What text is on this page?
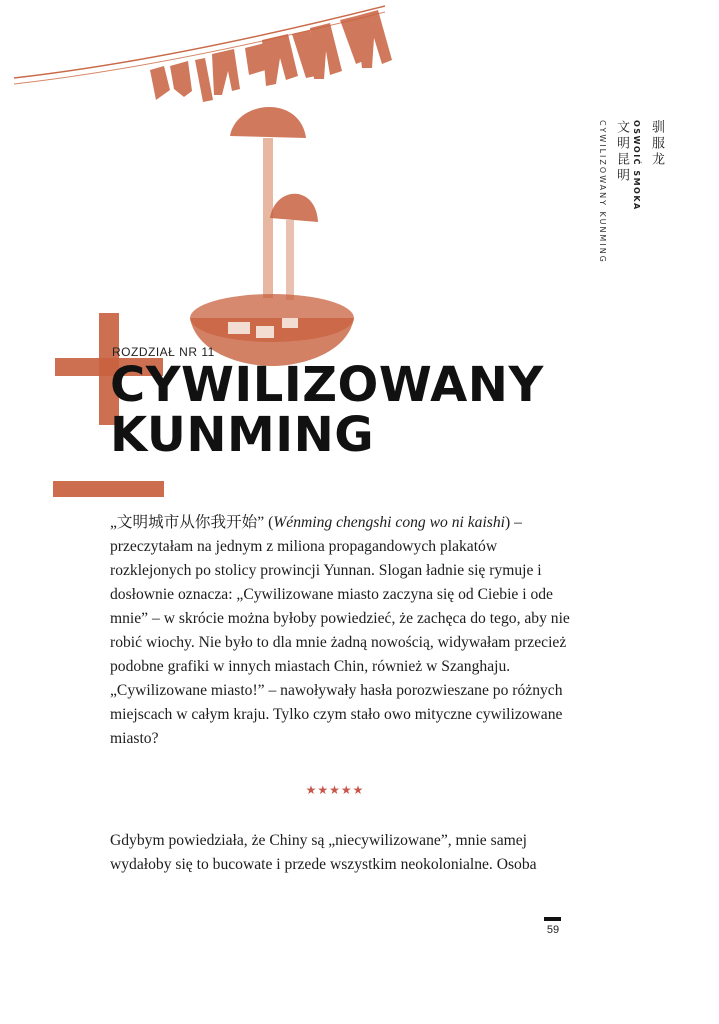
ROZDZIAŁ NR 11
CYWILIZOWANY
KUNMING
驯服龙
OSWOIĆ SMOKA
文明昆明
CYWILIZOWANY KUNMING

„文明城市从你我开始” (Wénming chengshi cong wo ni kaishi) – przeczytałam na jednym z miliona propagandowych plakatów rozklejonych po stolicy prowincji Yunnan. Slogan ładnie się rymuje i dosłownie oznacza: „Cywilizowane miasto zaczyna się od Ciebie i ode mnie” – w skrócie można byłoby powiedzieć, że zachęca do tego, aby nie robić wiochy. Nie było to dla mnie żadną nowością, widywałam przecież podobne grafiki w innych miastach Chin, również w Szanghaju. „Cywilizowane miasto!” – nawoływały hasła porozwieszane po różnych miejscach w całym kraju. Tylko czym stało owo mityczne cywilizowane miasto?

★★★★★

Gdybym powiedziała, że Chiny są „niecywilizowane”, mnie samej wydałoby się to bucowate i przede wszystkim neokolonialne. Osoba

59
